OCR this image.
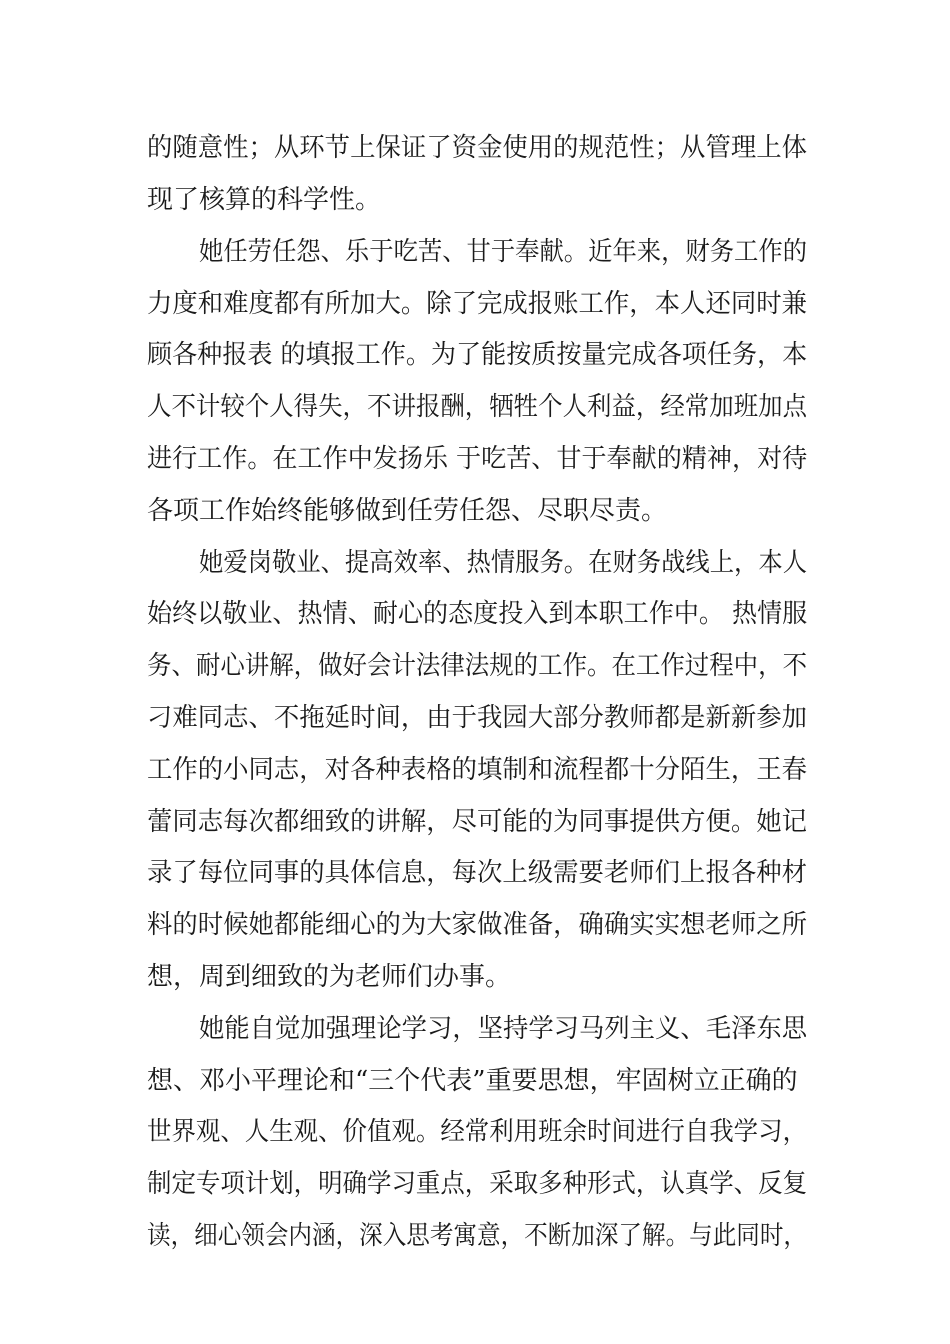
的随意性；从环节上保证了资金使用的规范性；从管理上体
现了核算的科学性。
她任劳任怨、乐于吃苦、甘于奉献。近年来，财务工作的
力度和难度都有所加大。除了完成报账工作，本人还同时兼
顾各种报表 的填报工作。为了能按质按量完成各项任务，本
人不计较个人得失，不讲报酬，牺牲个人利益，经常加班加点
进行工作。在工作中发扬乐 于吃苦、甘于奉献的精神，对待
各项工作始终能够做到任劳任怨、尽职尽责。
她爱岗敬业、提高效率、热情服务。在财务战线上，本人
始终以敬业、热情、耐心的态度投入到本职工作中。 热情服
务、耐心讲解，做好会计法律法规的工作。在工作过程中，不
刁难同志、不拖延时间，由于我园大部分教师都是新新参加
工作的小同志，对各种表格的填制和流程都十分陌生，王春
蕾同志每次都细致的讲解，尽可能的为同事提供方便。她记
录了每位同事的具体信息，每次上级需要老师们上报各种材
料的时候她都能细心的为大家做准备，确确实实想老师之所
想，周到细致的为老师们办事。
她能自觉加强理论学习，坚持学习马列主义、毛泽东思
想、邓小平理论和“三个代表”重要思想，牢固树立正确的
世界观、人生观、价值观。经常利用班余时间进行自我学习，
制定专项计划，明确学习重点，采取多种形式，认真学、反复
读，细心领会内涵，深入思考寓意，不断加深了解。与此同时，
